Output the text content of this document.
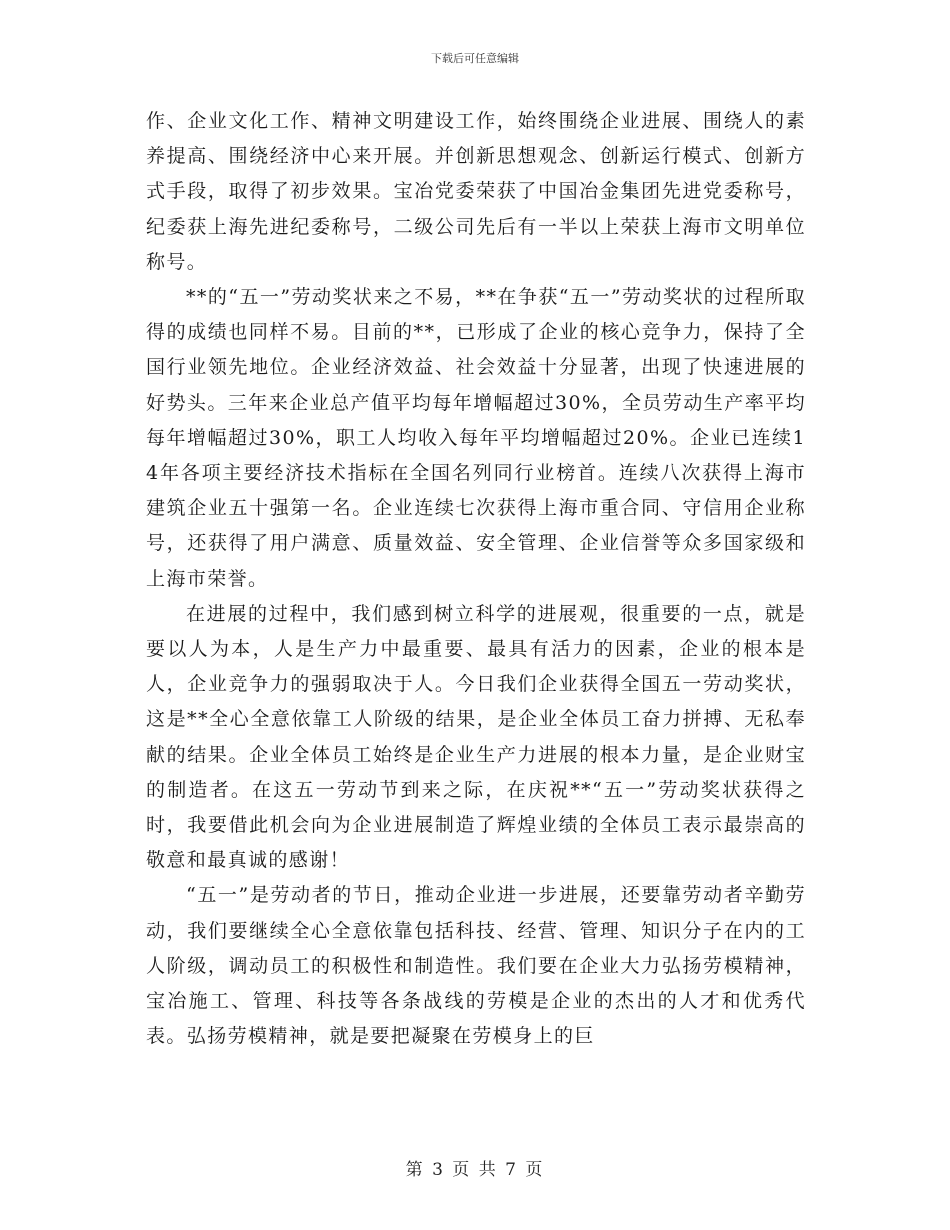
下载后可任意编辑

作、企业文化工作、精神文明建设工作，始终围绕企业进展、围绕人的素养提高、围绕经济中心来开展。并创新思想观念、创新运行模式、创新方式手段，取得了初步效果。宝冶党委荣获了中国冶金集团先进党委称号，纪委获上海先进纪委称号，二级公司先后有一半以上荣获上海市文明单位称号。

**的“五一”劳动奖状来之不易，**在争获“五一”劳动奖状的过程所取得的成绩也同样不易。目前的**，已形成了企业的核心竞争力，保持了全国行业领先地位。企业经济效益、社会效益十分显著，出现了快速进展的好势头。三年来企业总产值平均每年增幅超过30%，全员劳动生产率平均每年增幅超过30%，职工人均收入每年平均增幅超过20%。企业已连续14年各项主要经济技术指标在全国名列同行业榜首。连续八次获得上海市建筑企业五十强第一名。企业连续七次获得上海市重合同、守信用企业称号，还获得了用户满意、质量效益、安全管理、企业信誉等众多国家级和上海市荣誉。

在进展的过程中，我们感到树立科学的进展观，很重要的一点，就是要以人为本，人是生产力中最重要、最具有活力的因素，企业的根本是人，企业竞争力的强弱取决于人。今日我们企业获得全国五一劳动奖状，这是**全心全意依靠工人阶级的结果，是企业全体员工奋力拼搏、无私奉献的结果。企业全体员工始终是企业生产力进展的根本力量，是企业财宝的制造者。在这五一劳动节到来之际，在庆祝**“五一”劳动奖状获得之时，我要借此机会向为企业进展制造了辉煌业绩的全体员工表示最崇高的敬意和最真诚的感谢！

“五一”是劳动者的节日，推动企业进一步进展，还要靠劳动者辛勤劳动，我们要继续全心全意依靠包括科技、经营、管理、知识分子在内的工人阶级，调动员工的积极性和制造性。我们要在企业大力弘扬劳模精神，宝冶施工、管理、科技等各条战线的劳模是企业的杰出的人才和优秀代表。弘扬劳模精神，就是要把凝聚在劳模身上的巨

第 3 页 共 7 页
